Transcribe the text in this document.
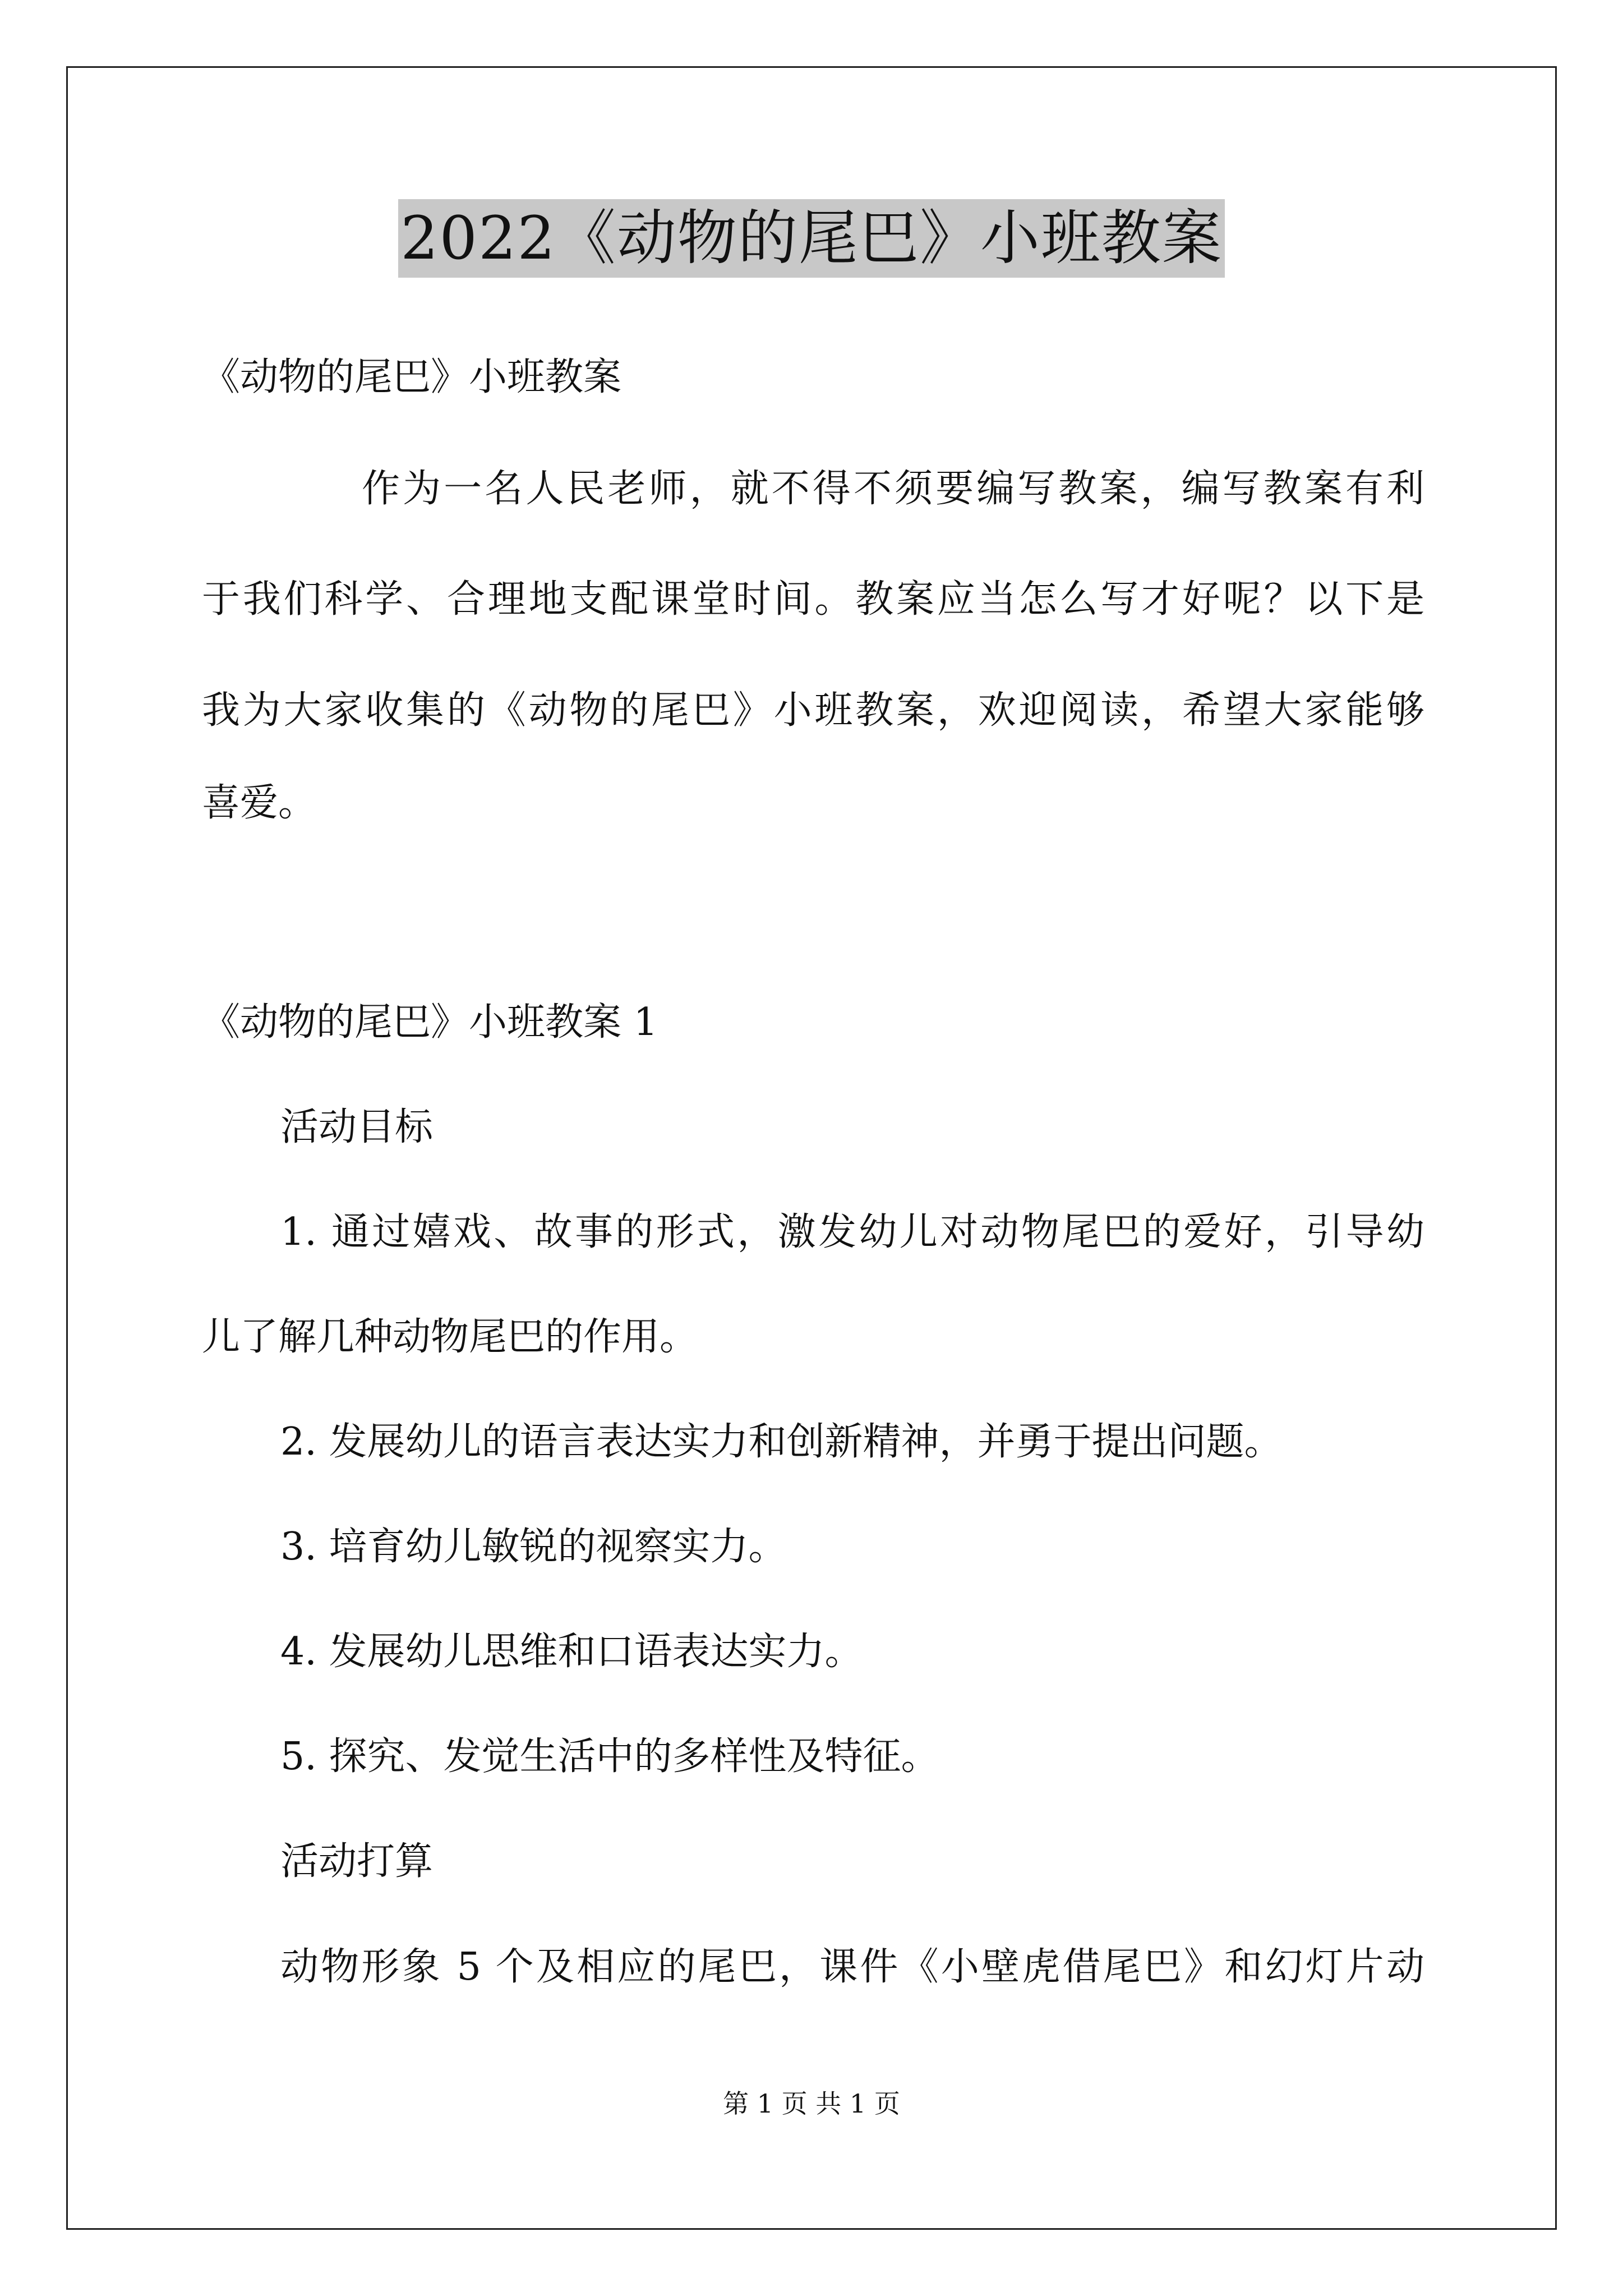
2022《动物的尾巴》小班教案
《动物的尾巴》小班教案
作为一名人民老师，就不得不须要编写教案，编写教案有利
于我们科学、合理地支配课堂时间。教案应当怎么写才好呢？以下是
我为大家收集的《动物的尾巴》小班教案，欢迎阅读，希望大家能够
喜爱。
《动物的尾巴》小班教案 1
活动目标
1. 通过嬉戏、故事的形式，激发幼儿对动物尾巴的爱好，引导幼
儿了解几种动物尾巴的作用。
2. 发展幼儿的语言表达实力和创新精神，并勇于提出问题。
3. 培育幼儿敏锐的视察实力。
4. 发展幼儿思维和口语表达实力。
5. 探究、发觉生活中的多样性及特征。
活动打算
动物形象 5 个及相应的尾巴，课件《小壁虎借尾巴》和幻灯片动
第 1 页 共 1 页
